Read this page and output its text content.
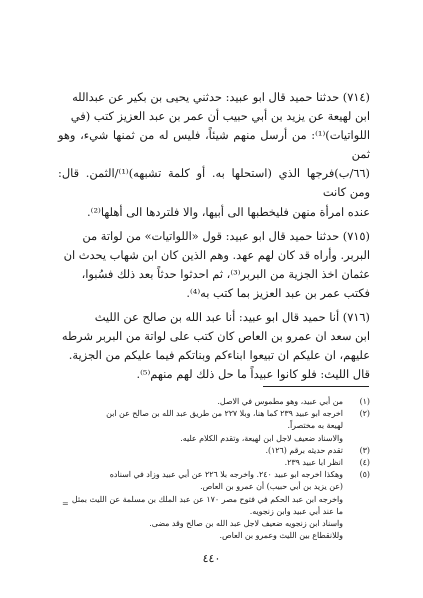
(٧١٤) حدثنا حميد قال ابو عبيد: حدثني يحيى بن بكير عن عبدالله
ابن لهيعة عن يزيد بن أبي حبيب أن عمر بن عبد العزيز كتب (في
اللواتيات)⁽¹⁾: من أرسل منهم شيئاً، فليس له من ثمنها شيء، وهو ثمن
(٦٦/ب)فرجها الذي (استحلها به. أو كلمة تشبهه)⁽¹⁾/الثمن. قال: ومن كانت
عنده امرأة منهن فليخطبها الى أبيها، والا فلتردها الى أهلها⁽²⁾.
(٧١٥) حدثنا حميد قال ابو عبيد: قول «اللواتيات» من لواتة من
البربر. وأراه قد كان لهم عهد. وهم الذين كان ابن شهاب يحدث ان
عثمان اخذ الجزية من البربر⁽³⁾، ثم احدثوا حدثاً بعد ذلك فسُبوا،
فكتب عمر بن عبد العزيز بما كتب به⁽⁴⁾.
(٧١٦) أنا حميد قال ابو عبيد: أنا عبد الله بن صالح عن الليث
ابن سعد ان عمرو بن العاص كان كتب على لواتة من البربر شرطه
عليهم، ان عليكم ان تبيعوا ابناءكم وبناتكم فيما عليكم من الجزية.
قال الليث: فلو كانوا عبيداً ما حل ذلك لهم منهم⁽⁵⁾.
(١)
من أبي عبيد، وهو مطموس في الاصل.
(٢)
اخرجه ابو عبيد ٢٣٩ كما هنا، وبلا ٢٢٧ من طريق عبد الله بن صالح عن ابن
لهيعة به مختصراً.
والاسناد ضعيف لاجل ابن لهيعة، وتقدم الكلام عليه.
(٣)
تقدم حديثه برقم (١٢٦).
(٤)
انظر ابا عبيد ٢٣٩.
(٥)
وهكذا اخرجه ابو عبيد ٢٤٠. واخرجه بلا ٢٢٦ عن أبي عبيد وزاد في اسناده
(عن يزيد بن أبي حبيب) أن عمرو بن العاص.
واخرجه ابن عبد الحكم في فتوح مصر ١٧٠ عن عبد الملك بن مسلمة عن الليث بمثل
ما عند أبي عبيد وابن زنجويه.
واسناد ابن زنجويه ضعيف لاجل عبد الله بن صالح وقد مضى.
وللانقطاع بين الليث وعمرو بن العاص.
=
٤٤٠
